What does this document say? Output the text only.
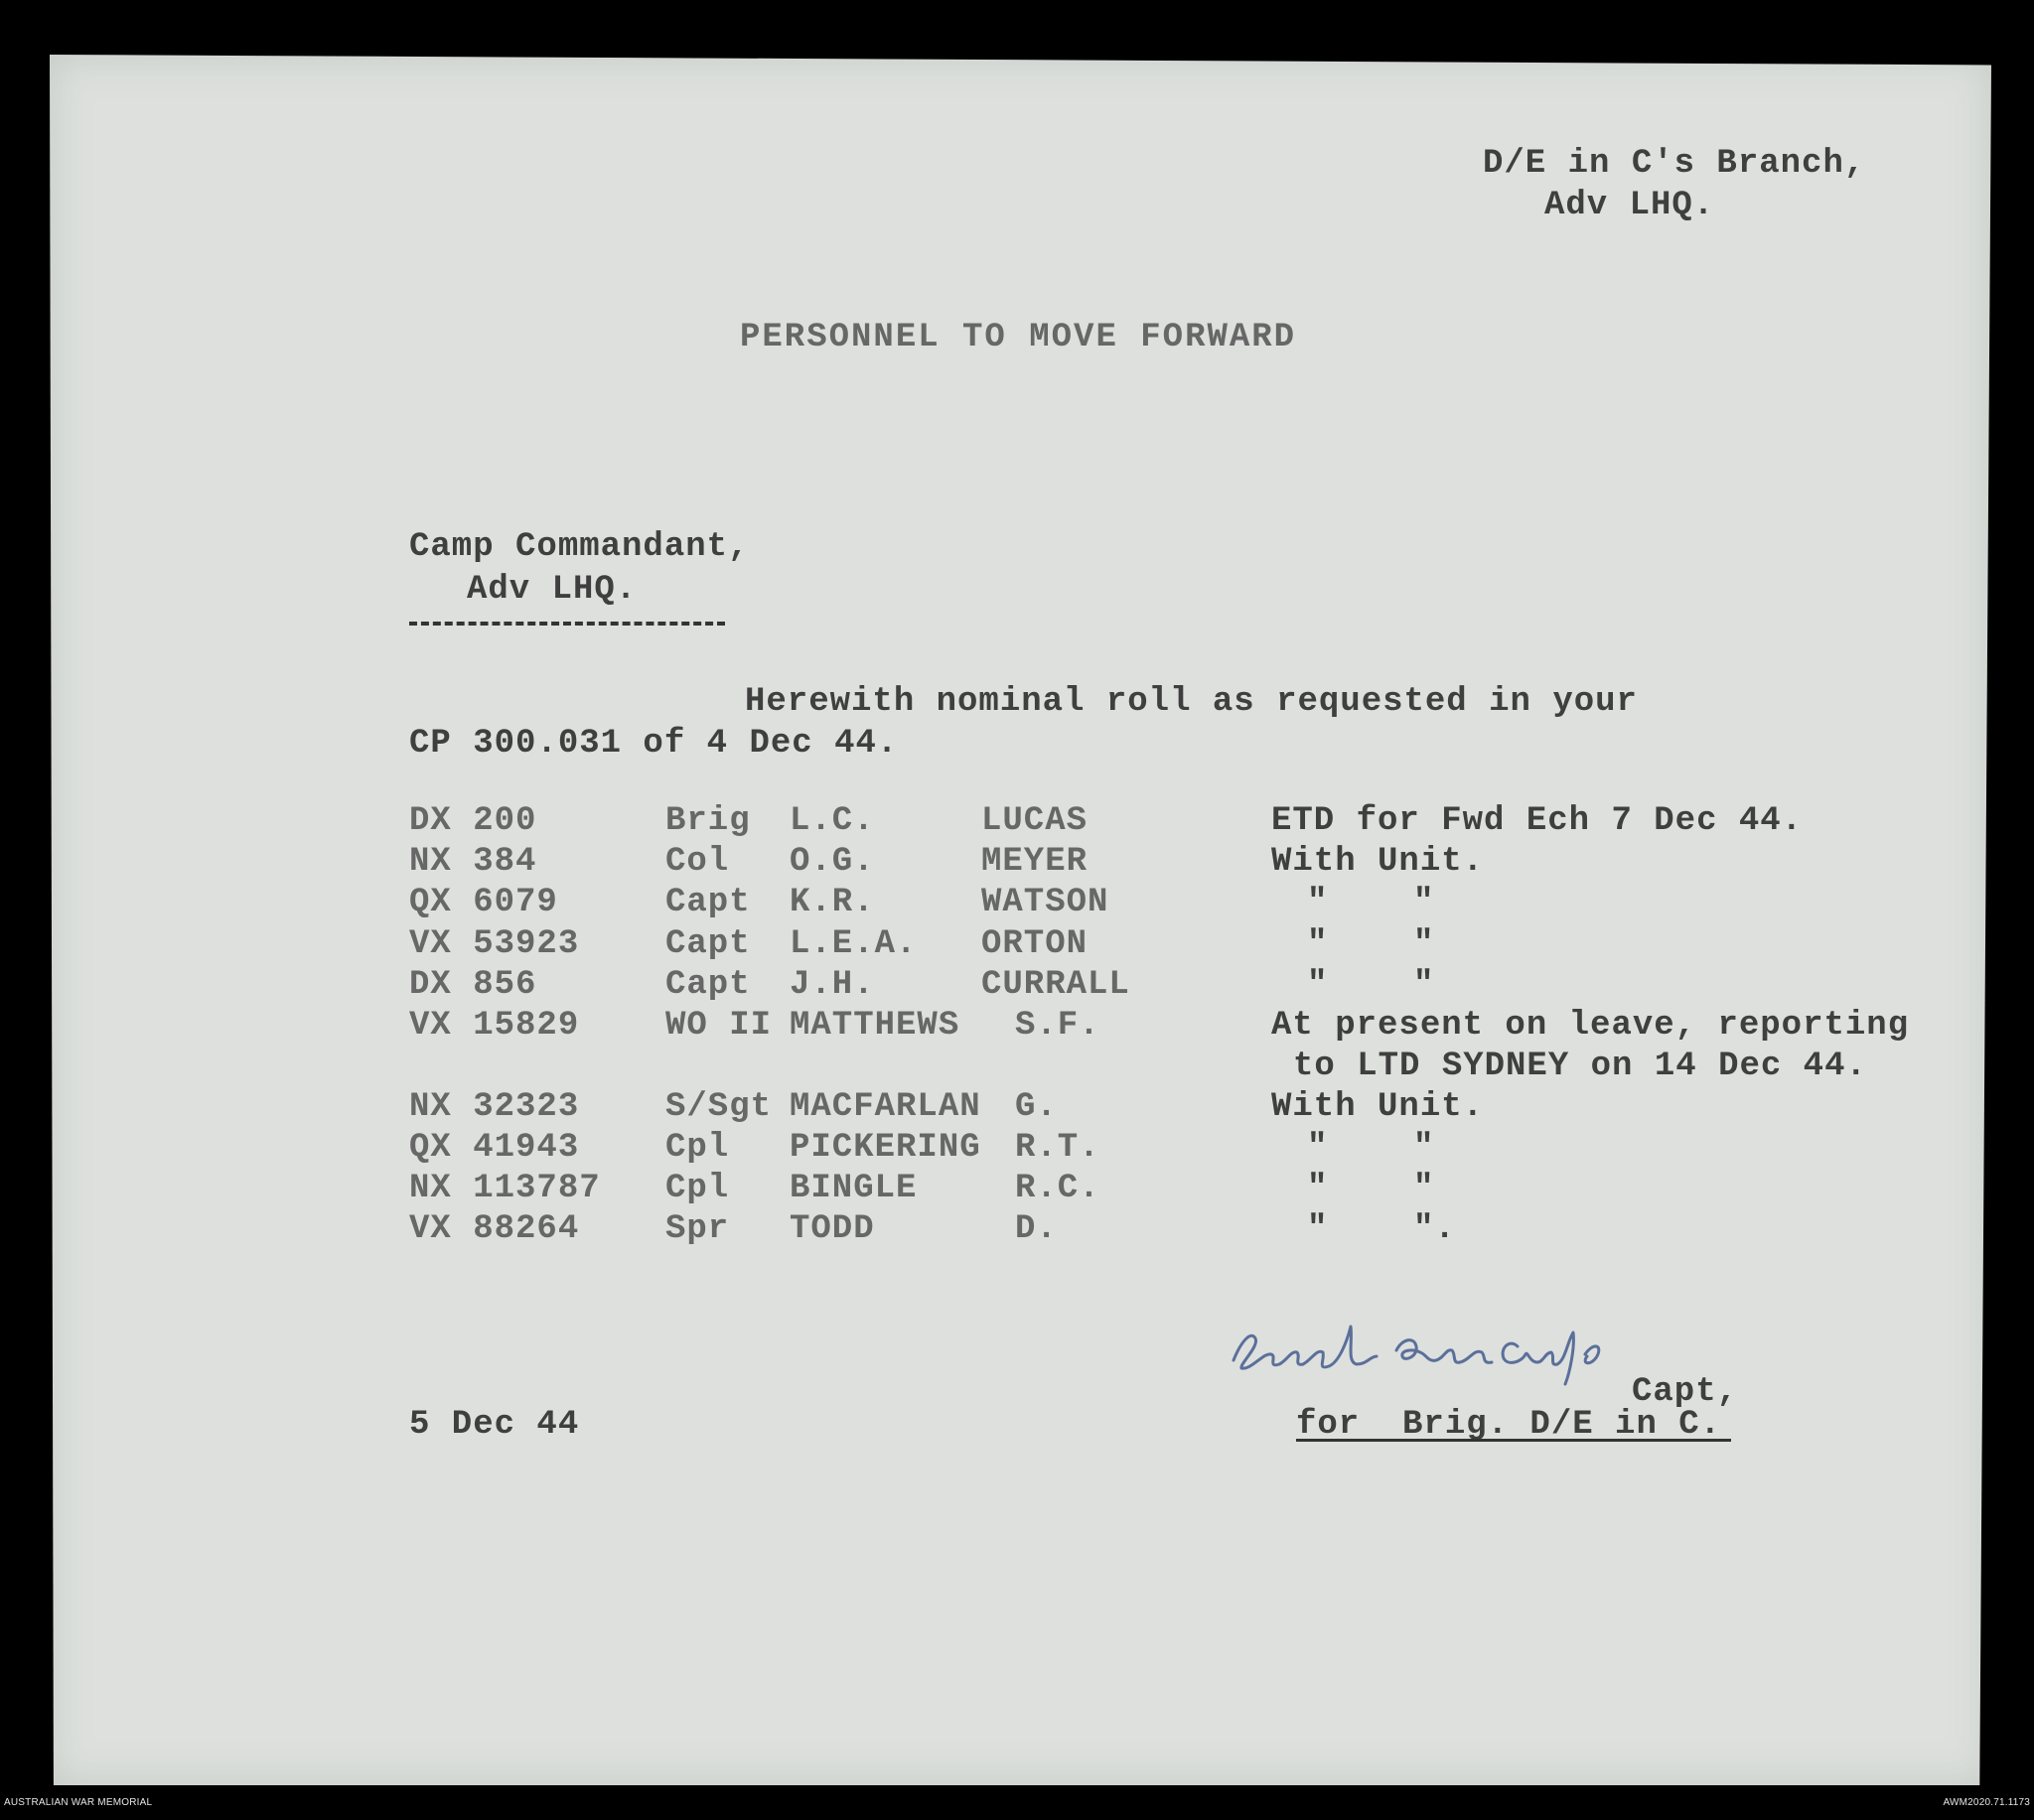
D/E in C's Branch,
Adv LHQ.
PERSONNEL TO MOVE FORWARD
Camp Commandant,
Adv LHQ.
Herewith nominal roll as requested in your
CP 300.031 of 4 Dec 44.
DX 200	Brig L.C.	LUCAS	ETD for Fwd Ech 7 Dec 44.
NX 384	Col O.G.	MEYER	With Unit.
QX 6079	Capt K.R.	WATSON	"    "
VX 53923	Capt L.E.A. ORTON	"    "
DX 856	Capt J.H.	CURRALL	"    "
VX 15829	WO II MATTHEWS S.F.	At present on leave, reporting
to LTD SYDNEY on 14 Dec 44.
NX 32323	S/Sgt MACFARLAN G.	With Unit.
QX 41943	Cpl PICKERING R.T.	"    "
NX 113787 Cpl BINGLE	R.C.	"    "
VX 88264	Spr TODD	D.	"    ".
Capt,
5 Dec 44	for  Brig. D/E in C.
AUSTRALIAN WAR MEMORIAL	AWM2020.71.1173
